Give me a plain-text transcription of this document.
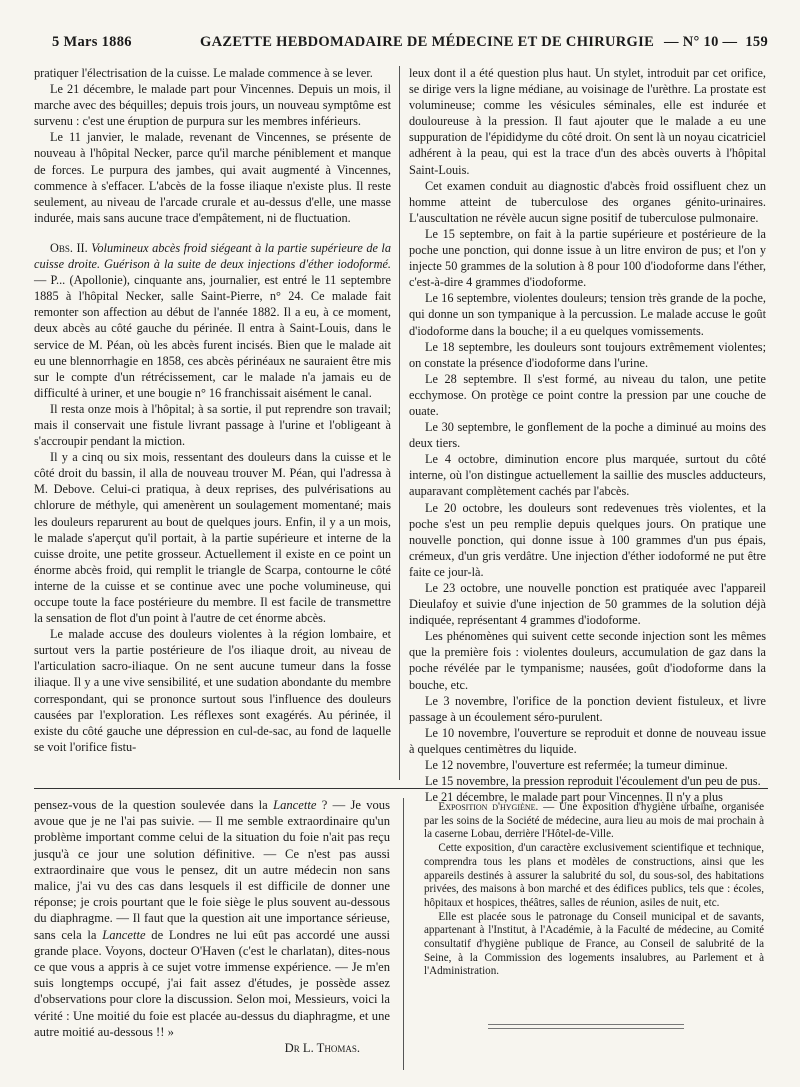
5 Mars 1886	GAZETTE HEBDOMADAIRE DE MÉDECINE ET DE CHIRURGIE — N° 10 — 159

pratiquer l'électrisation de la cuisse. Le malade commence à se lever.

Le 21 décembre, le malade part pour Vincennes. Depuis un mois, il marche avec des béquilles; depuis trois jours, un nouveau symptôme est survenu : c'est une éruption de purpura sur les membres inférieurs.

Le 11 janvier, le malade, revenant de Vincennes, se présente de nouveau à l'hôpital Necker, parce qu'il marche péniblement et manque de forces. Le purpura des jambes, qui avait augmenté à Vincennes, commence à s'effacer. L'abcès de la fosse iliaque n'existe plus. Il reste seulement, au niveau de l'arcade crurale et au-dessus d'elle, une masse indurée, mais sans aucune trace d'empâtement, ni de fluctuation.

Obs. II. Volumineux abcès froid siégeant à la partie supérieure de la cuisse droite. Guérison à la suite de deux injections d'éther iodoformé. — P... (Apollonie), cinquante ans, journalier, est entré le 11 septembre 1885 à l'hôpital Necker, salle Saint-Pierre, n° 24. Ce malade fait remonter son affection au début de l'année 1882. Il a eu, à ce moment, deux abcès au côté gauche du périnée. Il entra à Saint-Louis, dans le service de M. Péan, où les abcès furent incisés. Bien que le malade ait eu une blennorrhagie en 1858, ces abcès périnéaux ne sauraient être mis sur le compte d'un rétrécissement, car le malade n'a jamais eu de difficulté à uriner, et une bougie n° 16 franchissait aisément le canal.

Il resta onze mois à l'hôpital; à sa sortie, il put reprendre son travail; mais il conservait une fistule livrant passage à l'urine et l'obligeant à s'accroupir pendant la miction.

Il y a cinq ou six mois, ressentant des douleurs dans la cuisse et le côté droit du bassin, il alla de nouveau trouver M. Péan, qui l'adressa à M. Debove. Celui-ci pratiqua, à deux reprises, des pulvérisations au chlorure de méthyle, qui amenèrent un soulagement momentané; mais les douleurs reparurent au bout de quelques jours. Enfin, il y a un mois, le malade s'aperçut qu'il portait, à la partie supérieure et interne de la cuisse droite, une petite grosseur. Actuellement il existe en ce point un énorme abcès froid, qui remplit le triangle de Scarpa, contourne le côté interne de la cuisse et se continue avec une poche volumineuse, qui occupe toute la face postérieure du membre. Il est facile de transmettre la sensation de flot d'un point à l'autre de cet énorme abcès.

Le malade accuse des douleurs violentes à la région lombaire, et surtout vers la partie postérieure de l'os iliaque droit, au niveau de l'articulation sacro-iliaque. On ne sent aucune tumeur dans la fosse iliaque. Il y a une vive sensibilité, et une sudation abondante du membre correspondant, qui se prononce surtout sous l'influence des douleurs causées par l'exploration. Les réflexes sont exagérés. Au périnée, il existe du côté gauche une dépression en cul-de-sac, au fond de laquelle se voit l'orifice fistu-

leux dont il a été question plus haut. Un stylet, introduit par cet orifice, se dirige vers la ligne médiane, au voisinage de l'urèthre. La prostate est volumineuse; comme les vésicules séminales, elle est indurée et douloureuse à la pression. Il faut ajouter que le malade a eu une suppuration de l'épididyme du côté droit. On sent là un noyau cicatriciel adhérent à la peau, qui est la trace d'un des abcès ouverts à l'hôpital Saint-Louis.

Cet examen conduit au diagnostic d'abcès froid ossifluent chez un homme atteint de tuberculose des organes génito-urinaires. L'auscultation ne révèle aucun signe positif de tuberculose pulmonaire.

Le 15 septembre, on fait à la partie supérieure et postérieure de la poche une ponction, qui donne issue à un litre environ de pus; et l'on y injecte 50 grammes de la solution à 8 pour 100 d'iodoforme dans l'éther, c'est-à-dire 4 grammes d'iodoforme.

Le 16 septembre, violentes douleurs; tension très grande de la poche, qui donne un son tympanique à la percussion. Le malade accuse le goût d'iodoforme dans la bouche; il a eu quelques vomissements.

Le 18 septembre, les douleurs sont toujours extrêmement violentes; on constate la présence d'iodoforme dans l'urine.

Le 28 septembre. Il s'est formé, au niveau du talon, une petite ecchymose. On protège ce point contre la pression par une couche de ouate.

Le 30 septembre, le gonflement de la poche a diminué au moins des deux tiers.

Le 4 octobre, diminution encore plus marquée, surtout du côté interne, où l'on distingue actuellement la saillie des muscles adducteurs, auparavant complètement cachés par l'abcès.

Le 20 octobre, les douleurs sont redevenues très violentes, et la poche s'est un peu remplie depuis quelques jours. On pratique une nouvelle ponction, qui donne issue à 100 grammes d'un pus épais, crémeux, d'un gris verdâtre. Une injection d'éther iodoformé ne put être faite ce jour-là.

Le 23 octobre, une nouvelle ponction est pratiquée avec l'appareil Dieulafoy et suivie d'une injection de 50 grammes de la solution déjà indiquée, représentant 4 grammes d'iodoforme.

Les phénomènes qui suivent cette seconde injection sont les mêmes que la première fois : violentes douleurs, accumulation de gaz dans la poche révélée par le tympanisme; nausées, goût d'iodoforme dans la bouche, etc.

Le 3 novembre, l'orifice de la ponction devient fistuleux, et livre passage à un écoulement séro-purulent.

Le 10 novembre, l'ouverture se reproduit et donne de nouveau issue à quelques centimètres du liquide.

Le 12 novembre, l'ouverture est refermée; la tumeur diminue.

Le 15 novembre, la pression reproduit l'écoulement d'un peu de pus.

Le 21 décembre, le malade part pour Vincennes. Il n'y a plus

pensez-vous de la question soulevée dans la Lancette ? — Je vous avoue que je ne l'ai pas suivie. — Il me semble extraordinaire qu'un problème important comme celui de la situation du foie n'ait pas reçu jusqu'à ce jour une solution définitive. — Ce n'est pas aussi extraordinaire que vous le pensez, dit un autre médecin non sans malice, j'ai vu des cas dans lesquels il est difficile de donner une réponse; je crois pourtant que le foie siège le plus souvent au-dessous du diaphragme. — Il faut que la question ait une importance sérieuse, sans cela la Lancette de Londres ne lui eût pas accordé une aussi grande place. Voyons, docteur O'Haven (c'est le charlatan), dites-nous ce que vous a appris à ce sujet votre immense expérience. — Je m'en suis longtemps occupé, j'ai fait assez d'études, je possède assez d'observations pour clore la discussion. Selon moi, Messieurs, voici la vérité : Une moitié du foie est placée au-dessus du diaphragme, et une autre moitié au-dessous !! »

Dr L. Thomas.

Exposition d'hygiène. — Une exposition d'hygiène urbaine, organisée par les soins de la Société de médecine, aura lieu au mois de mai prochain à la caserne Lobau, derrière l'Hôtel-de-Ville.

Cette exposition, d'un caractère exclusivement scientifique et technique, comprendra tous les plans et modèles de constructions, ainsi que les appareils destinés à assurer la salubrité du sol, du sous-sol, des habitations privées, des maisons à bon marché et des édifices publics, tels que : écoles, hôpitaux et hospices, théâtres, salles de réunion, asiles de nuit, etc.

Elle est placée sous le patronage du Conseil municipal et de savants, appartenant à l'Institut, à l'Académie, à la Faculté de médecine, au Comité consultatif d'hygiène publique de France, au Conseil de salubrité de la Seine, à la Commission des logements insalubres, au Parlement et à l'Administration.
